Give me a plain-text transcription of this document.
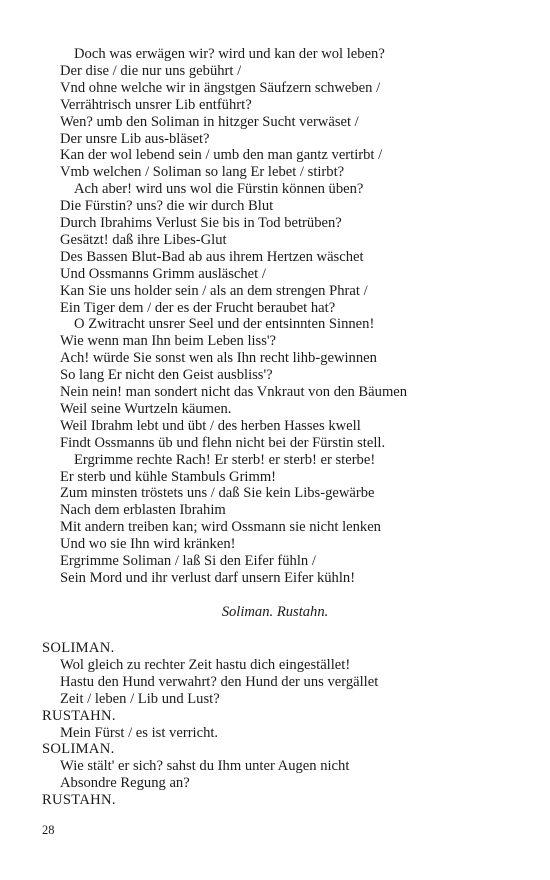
Doch was erwägen wir? wird und kan der wol leben?
Der dise / die nur uns gebührt /
Vnd ohne welche wir in ängstgen Säufzern schweben /
Verrähtrisch unsrer Lib entführt?
Wen? umb den Soliman in hitzger Sucht verwäset /
Der unsre Lib aus-bläset?
Kan der wol lebend sein / umb den man gantz vertirbt /
Vmb welchen / Soliman so lang Er lebet / stirbt?
Ach aber! wird uns wol die Fürstin können üben?
Die Fürstin? uns? die wir durch Blut
Durch Ibrahims Verlust Sie bis in Tod betrüben?
Gesätzt! daß ihre Libes-Glut
Des Bassen Blut-Bad ab aus ihrem Hertzen wäschet
Und Ossmanns Grimm ausläschet /
Kan Sie uns holder sein / als an dem strengen Phrat /
Ein Tiger dem / der es der Frucht beraubet hat?
O Zwitracht unsrer Seel und der entsinnten Sinnen!
Wie wenn man Ihn beim Leben liss'?
Ach! würde Sie sonst wen als Ihn recht lihb-gewinnen
So lang Er nicht den Geist ausbliss'?
Nein nein! man sondert nicht das Vnkraut von den Bäumen
Weil seine Wurtzeln käumen.
Weil Ibrahm lebt und übt / des herben Hasses kwell
Findt Ossmanns üb und flehn nicht bei der Fürstin stell.
Ergrimme rechte Rach! Er sterb! er sterb! er sterbe!
Er sterb und kühle Stambuls Grimm!
Zum minsten tröstets uns / daß Sie kein Libs-gewärbe
Nach dem erblasten Ibrahim
Mit andern treiben kan; wird Ossmann sie nicht lenken
Und wo sie Ihn wird kränken!
Ergrimme Soliman / laß Si den Eifer fühln /
Sein Mord und ihr verlust darf unsern Eifer kühln!
Soliman. Rustahn.
SOLIMAN.
Wol gleich zu rechter Zeit hastu dich eingestället!
Hastu den Hund verwahrt? den Hund der uns vergället
Zeit / leben / Lib und Lust?
RUSTAHN.
Mein Fürst / es ist verricht.
SOLIMAN.
Wie stält' er sich? sahst du Ihm unter Augen nicht
Absondre Regung an?
RUSTAHN.
28
